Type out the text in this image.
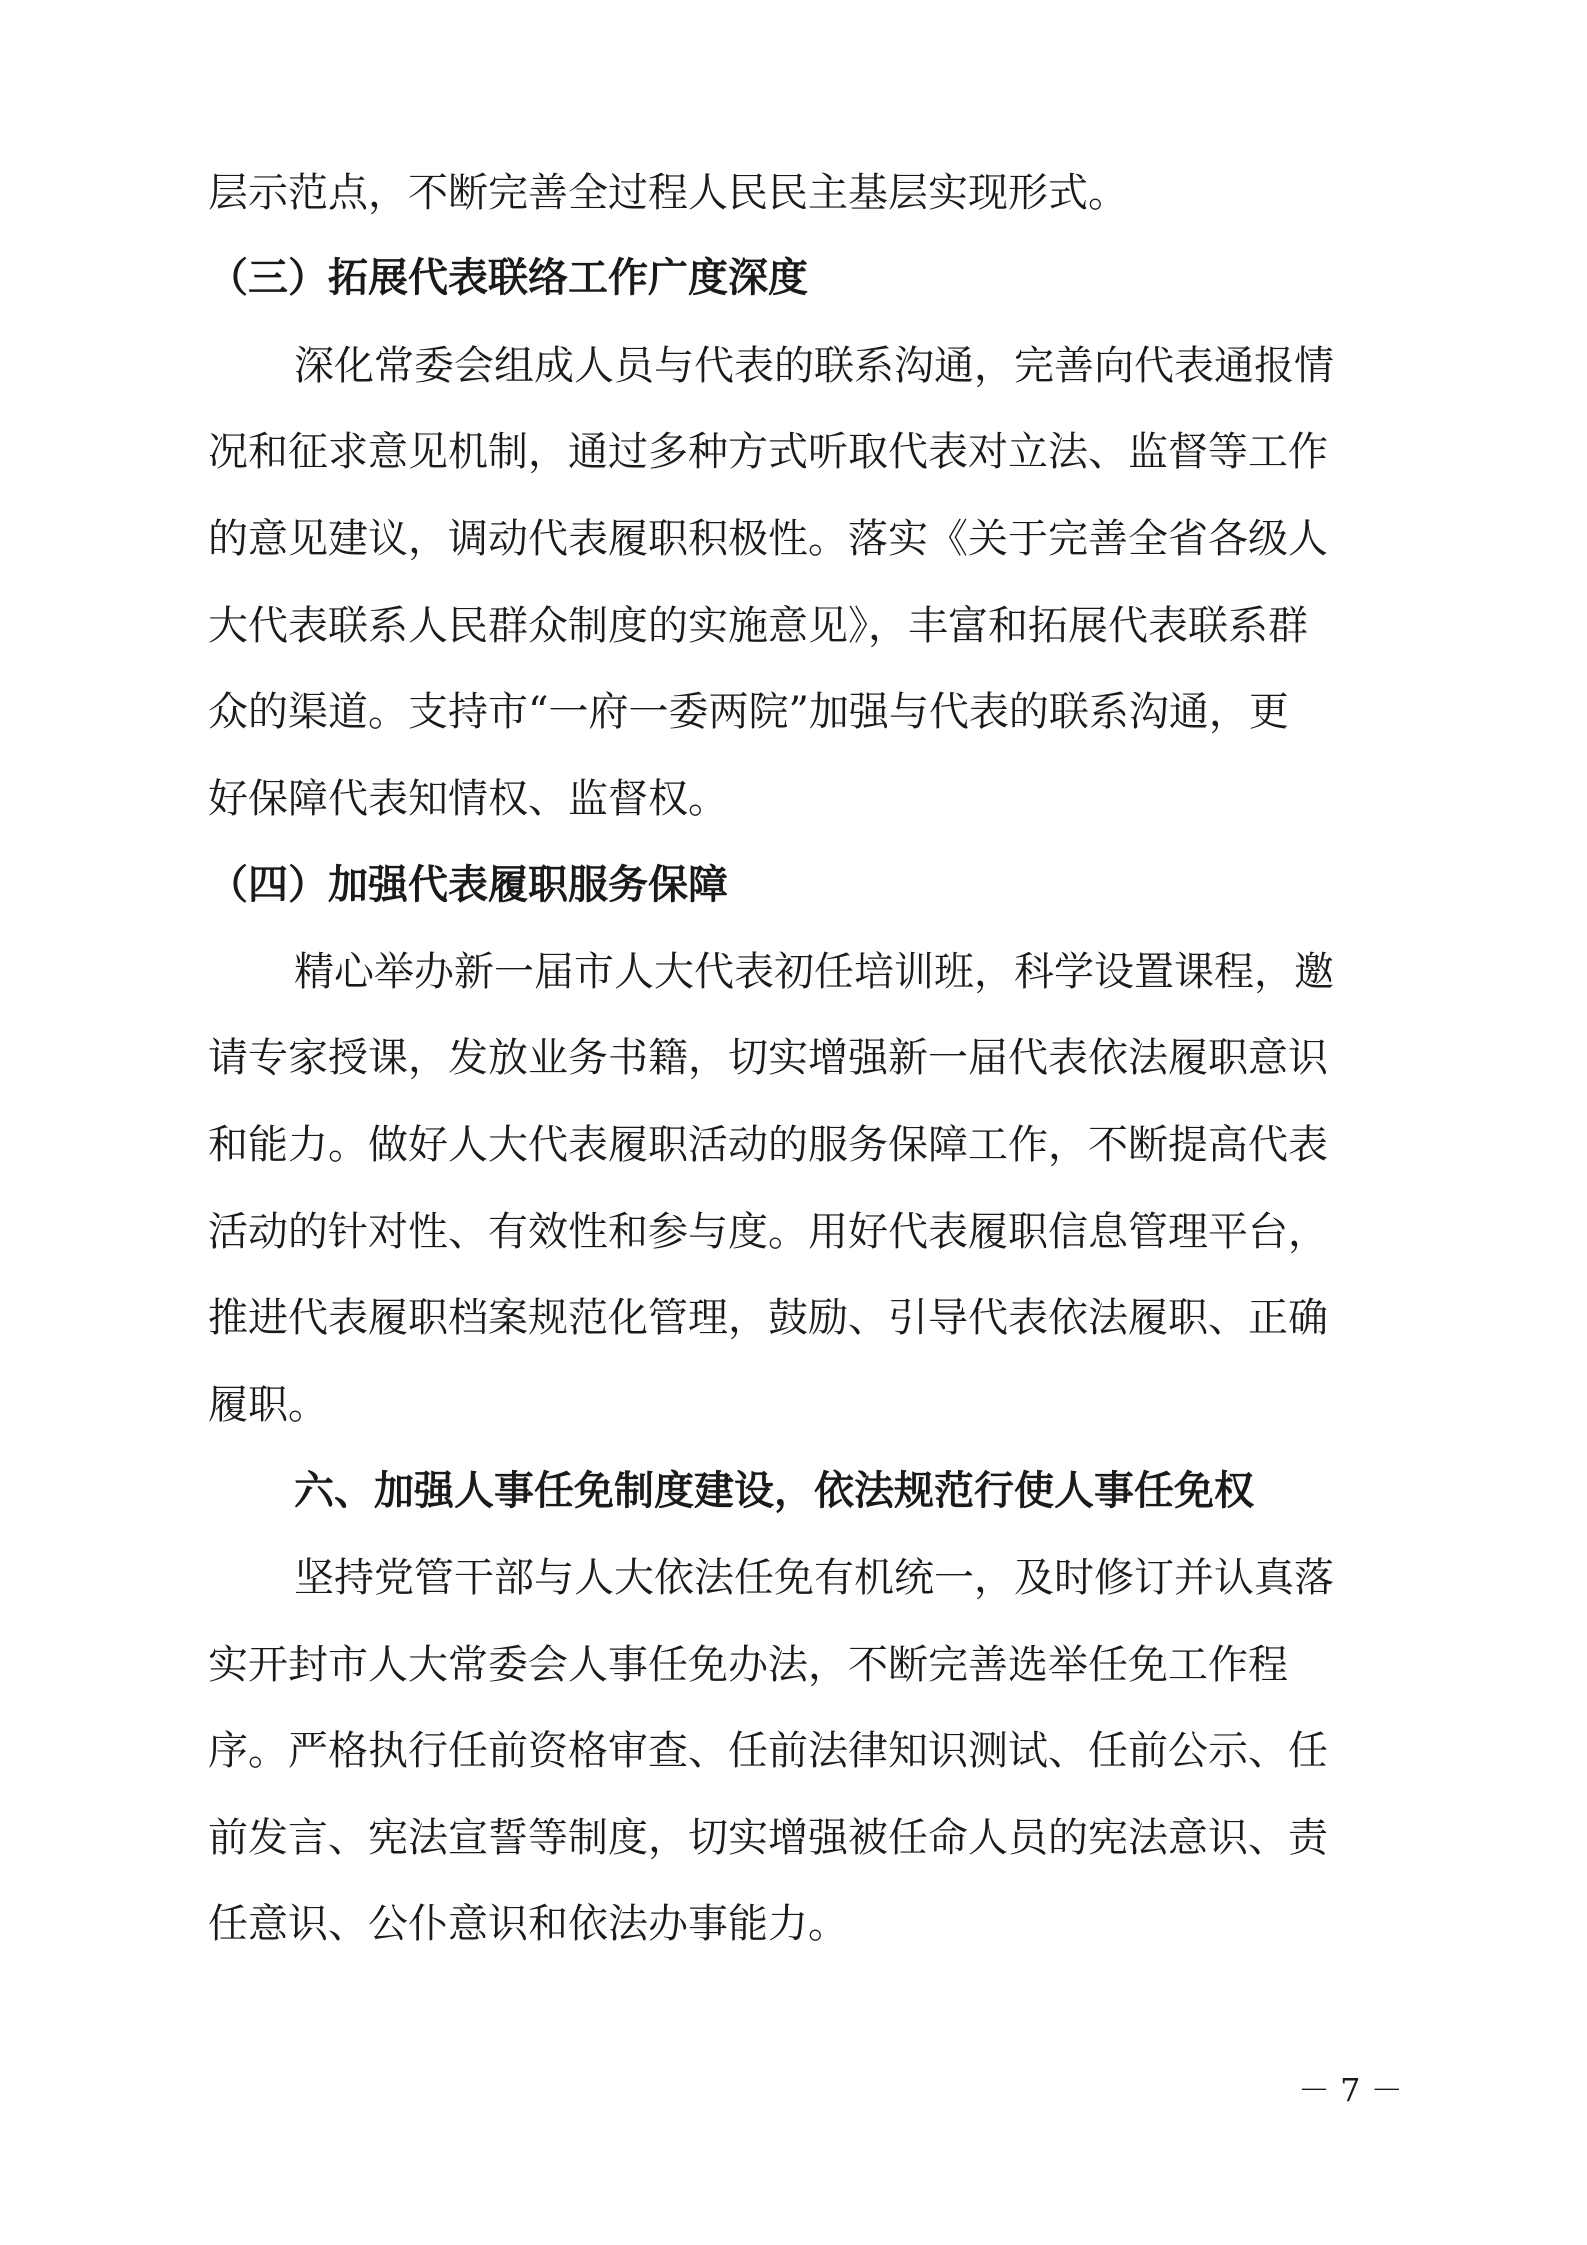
层示范点，不断完善全过程人民民主基层实现形式。
（三）拓展代表联络工作广度深度
深化常委会组成人员与代表的联系沟通，完善向代表通报情
况和征求意见机制，通过多种方式听取代表对立法、监督等工作
的意见建议，调动代表履职积极性。落实《关于完善全省各级人
大代表联系人民群众制度的实施意见》，丰富和拓展代表联系群
众的渠道。支持市“一府一委两院”加强与代表的联系沟通，更
好保障代表知情权、监督权。
（四）加强代表履职服务保障
精心举办新一届市人大代表初任培训班，科学设置课程，邀
请专家授课，发放业务书籍，切实增强新一届代表依法履职意识
和能力。做好人大代表履职活动的服务保障工作，不断提高代表
活动的针对性、有效性和参与度。用好代表履职信息管理平台，
推进代表履职档案规范化管理，鼓励、引导代表依法履职、正确
履职。
六、加强人事任免制度建设，依法规范行使人事任免权
坚持党管干部与人大依法任免有机统一，及时修订并认真落
实开封市人大常委会人事任免办法，不断完善选举任免工作程
序。严格执行任前资格审查、任前法律知识测试、任前公示、任
前发言、宪法宣誓等制度，切实增强被任命人员的宪法意识、责
任意识、公仆意识和依法办事能力。
－ 7 －
